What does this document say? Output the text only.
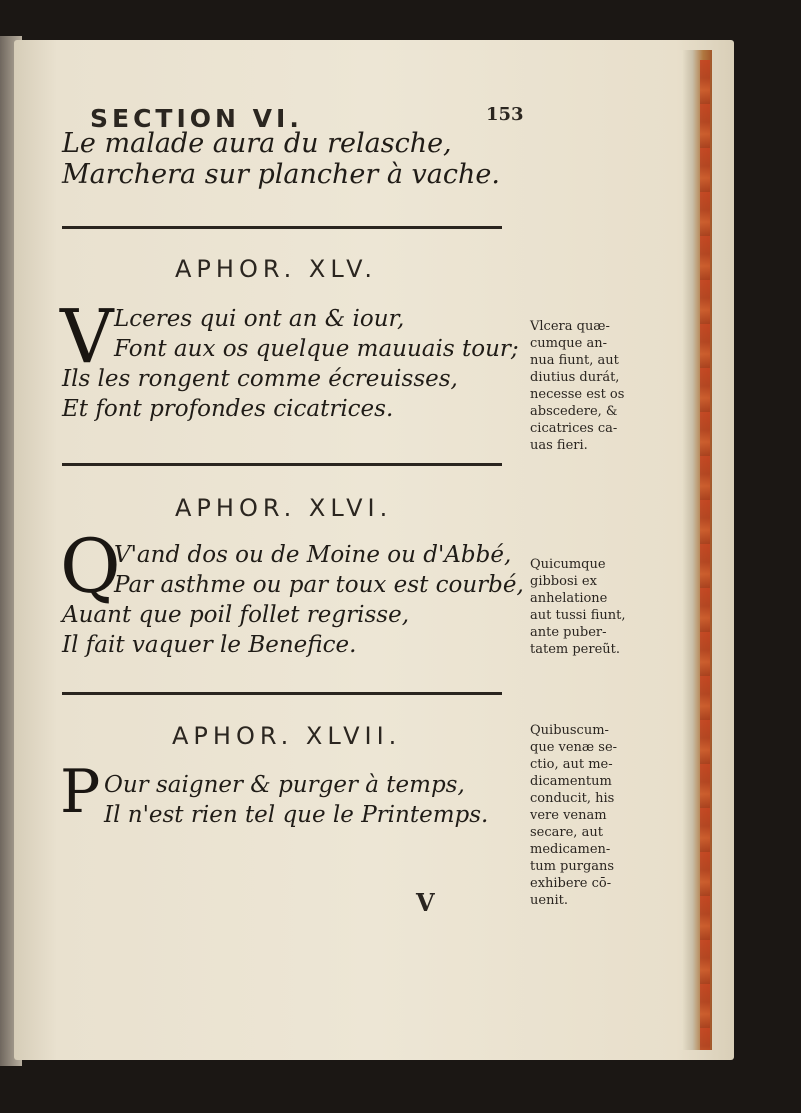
SECTION VI.	153
Le malade aura du relasche,
Marchera sur plancher à vache.
APHOR. XLV.
V Lceres qui ont an & iour,
Font aux os quelque mauuais tour;
Ils les rongent comme écreuisses,
Et font profondes cicatrices.
Vlcera quæ-
cumque an-
nua fiunt, aut
diutius durát,
necesse est os
abscedere, &
cicatrices ca-
uas fieri.
APHOR. XLVI.
Q
V'and dos ou de Moine ou d'Abbé,
Par asthme ou par toux est courbé,
Auant que poil follet regrisse,
Il fait vaquer le Benefice.
Quicumque
gibbosi ex
anhelatione
aut tussi fiunt,
ante puber-
tatem pereũt.
APHOR. XLVII.
P Our saigner & purger à temps,
Il n'est rien tel que le Printemps.
Quibuscum-
que venæ se-
ctio, aut me-
dicamentum
conducit, his
vere venam
secare, aut
medicamen-
tum purgans
exhibere cō-
uenit.
V
